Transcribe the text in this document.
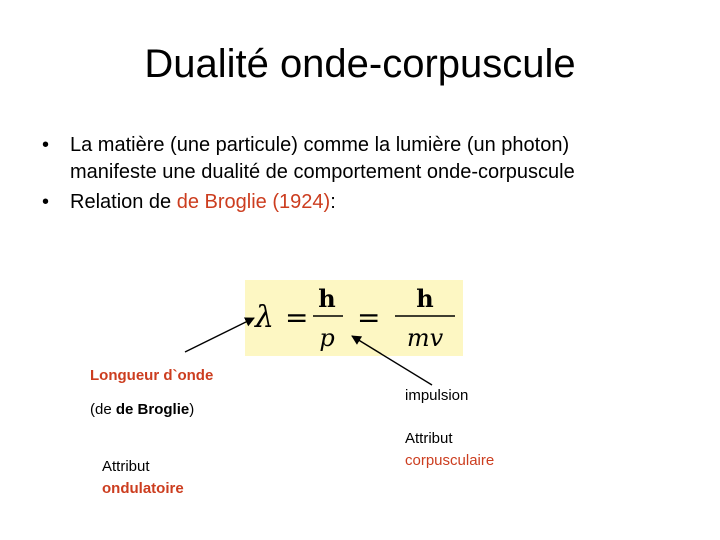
Dualité onde-corpuscule
• La matière (une particule) comme la lumière (un photon)
manifeste une dualité de comportement onde-corpuscule
• Relation de de Broglie (1924):
λ =
h
p
=
h
mv
Longueur d`onde
(de de Broglie)
Attribut
ondulatoire
impulsion
Attribut
corpusculaire
